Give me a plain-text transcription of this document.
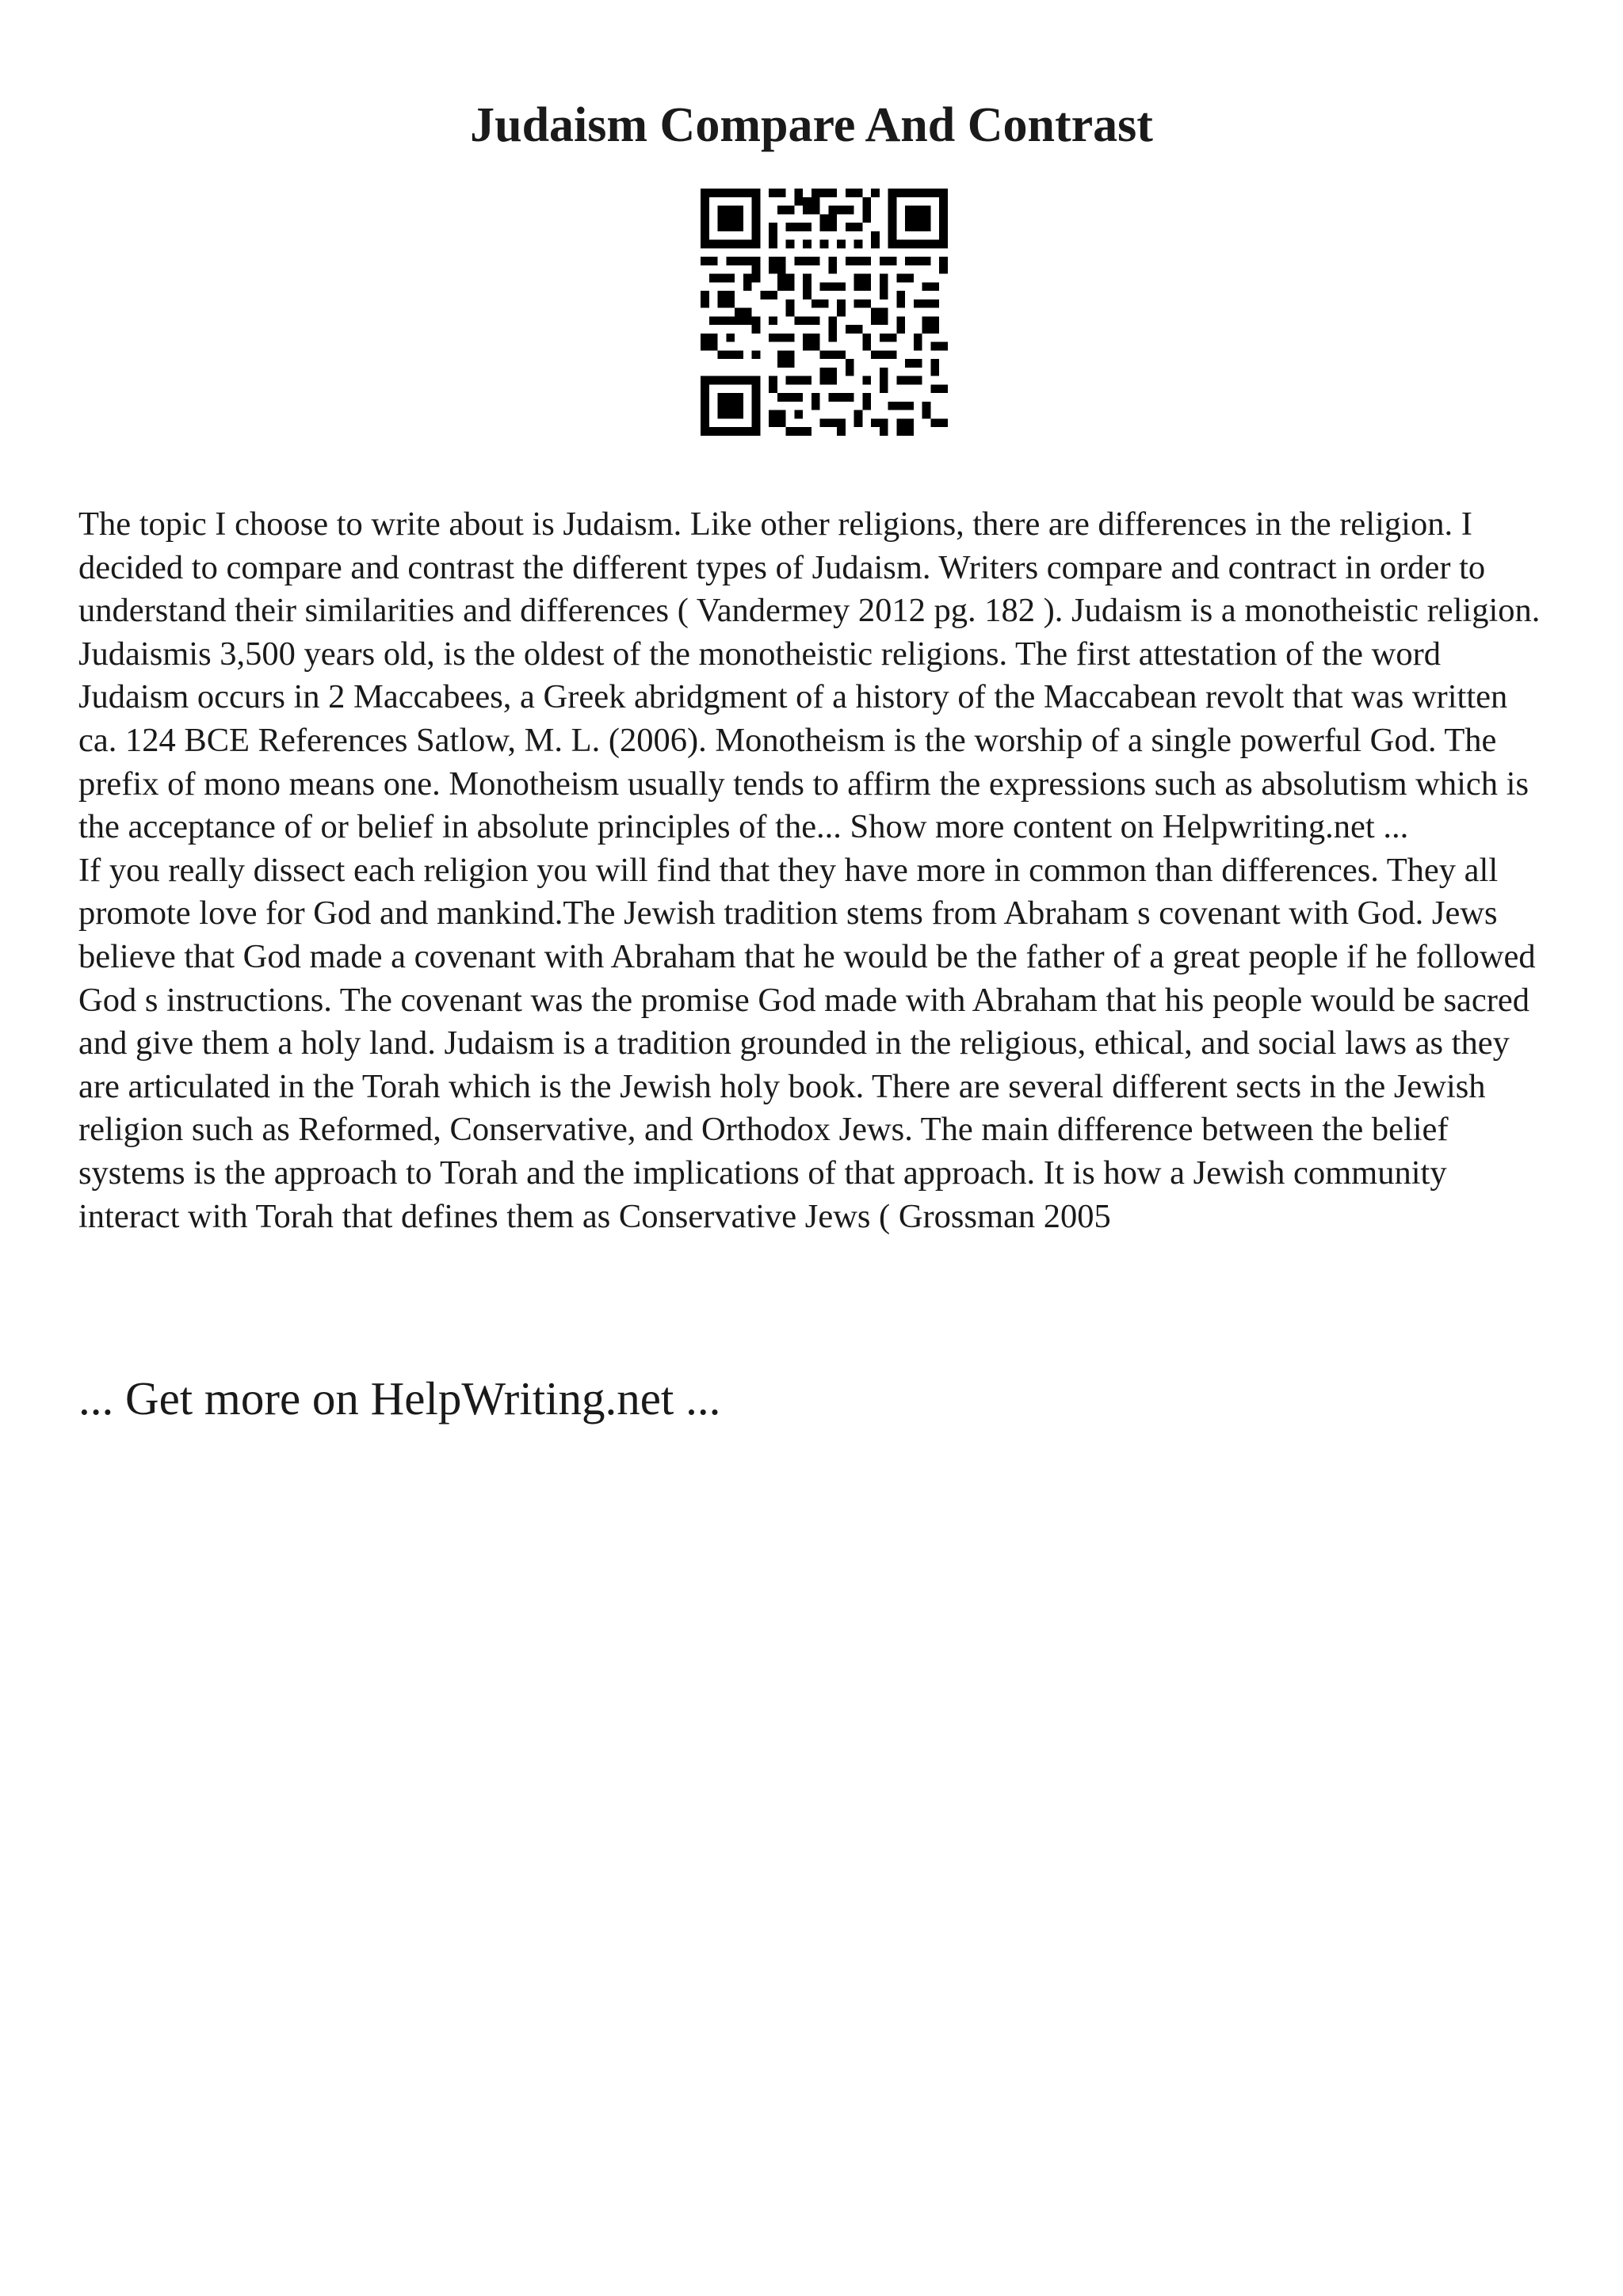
Judaism Compare And Contrast

The topic I choose to write about is Judaism. Like other religions, there are differences in the religion. I decided to compare and contrast the different types of Judaism. Writers compare and contract in order to understand their similarities and differences ( Vandermey 2012 pg. 182 ). Judaism is a monotheistic religion. Judaismis 3,500 years old, is the oldest of the monotheistic religions. The first attestation of the word Judaism occurs in 2 Maccabees, a Greek abridgment of a history of the Maccabean revolt that was written ca. 124 BCE References Satlow, M. L. (2006). Monotheism is the worship of a single powerful God. The prefix of mono means one. Monotheism usually tends to affirm the expressions such as absolutism which is the acceptance of or belief in absolute principles of the... Show more content on Helpwriting.net ...

If you really dissect each religion you will find that they have more in common than differences. They all promote love for God and mankind.The Jewish tradition stems from Abraham s covenant with God. Jews believe that God made a covenant with Abraham that he would be the father of a great people if he followed God s instructions. The covenant was the promise God made with Abraham that his people would be sacred and give them a holy land. Judaism is a tradition grounded in the religious, ethical, and social laws as they are articulated in the Torah which is the Jewish holy book. There are several different sects in the Jewish religion such as Reformed, Conservative, and Orthodox Jews. The main difference between the belief systems is the approach to Torah and the implications of that approach. It is how a Jewish community interact with Torah that defines them as Conservative Jews ( Grossman 2005

... Get more on HelpWriting.net ...
